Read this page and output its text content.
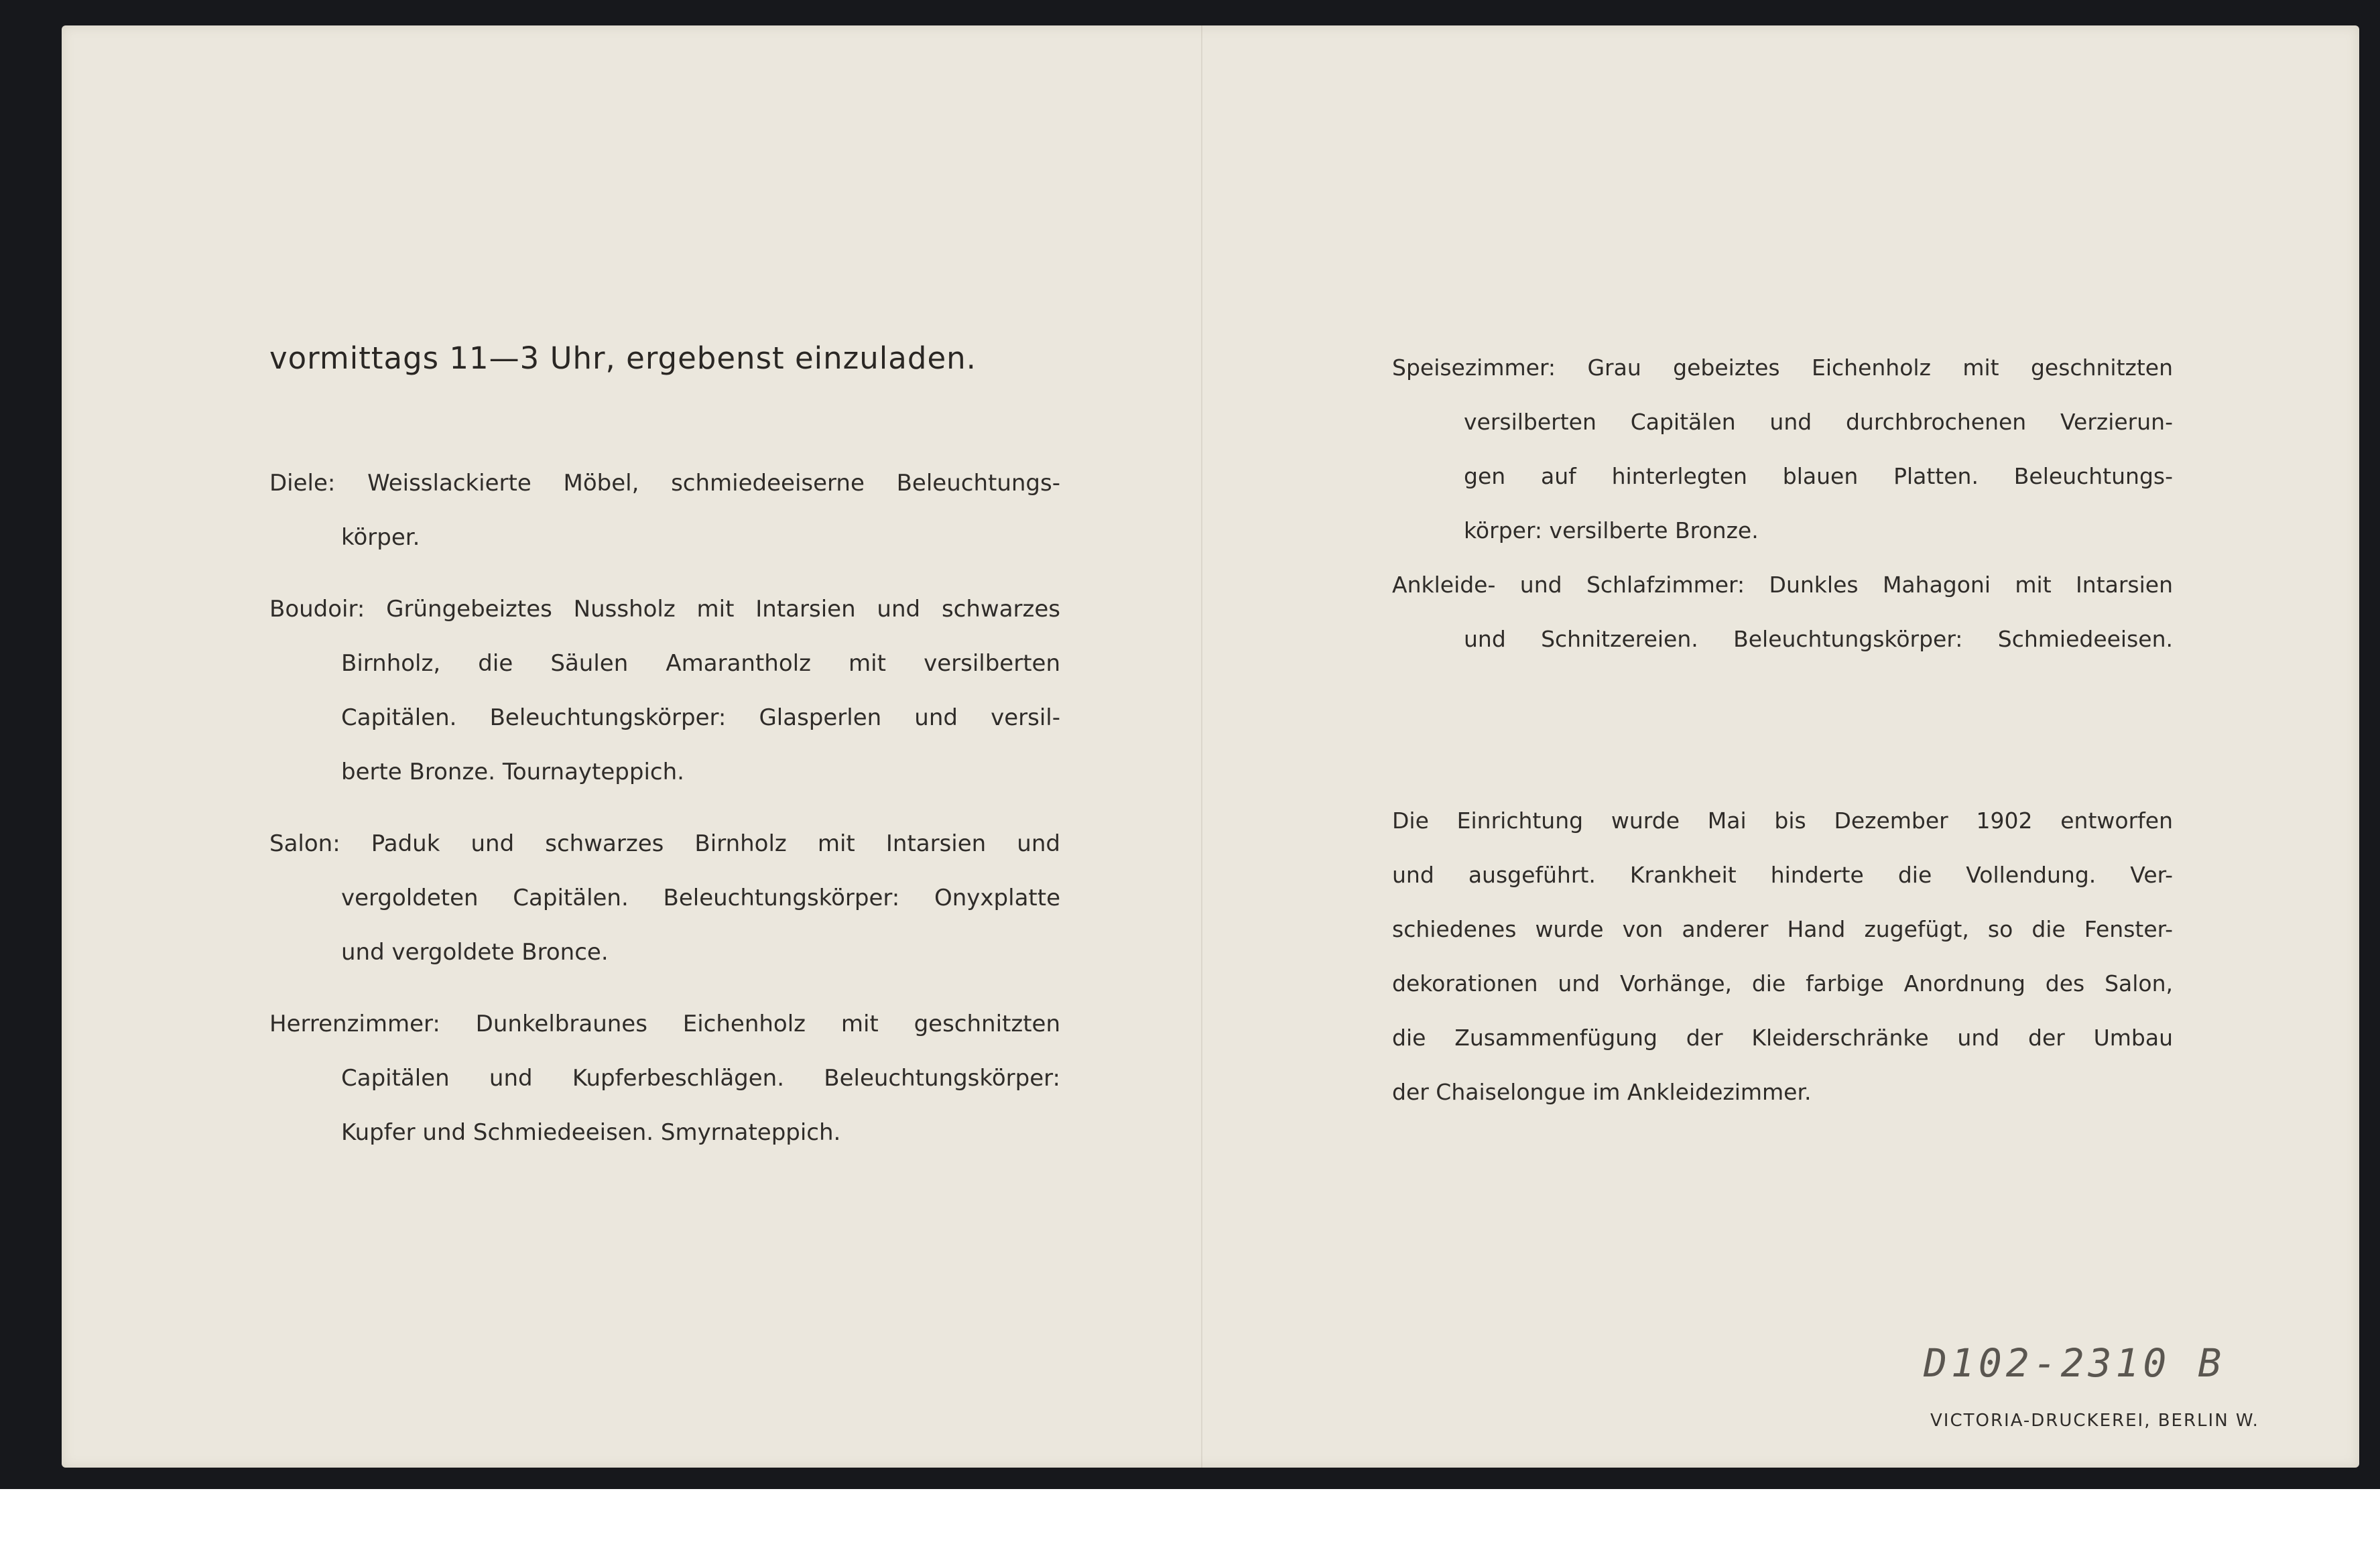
vormittags 11—3 Uhr, ergebenst einzuladen.

Diele: Weisslackierte Möbel, schmiedeeiserne Beleuchtungs-

körper.

Boudoir: Grüngebeiztes Nussholz mit Intarsien und schwarzes

Birnholz, die Säulen Amarantholz mit versilberten

Capitälen. Beleuchtungskörper: Glasperlen und versil-

berte Bronze. Tournayteppich.

Salon: Paduk und schwarzes Birnholz mit Intarsien und

vergoldeten Capitälen. Beleuchtungskörper: Onyxplatte

und vergoldete Bronce.

Herrenzimmer: Dunkelbraunes Eichenholz mit geschnitzten

Capitälen und Kupferbeschlägen. Beleuchtungskörper:

Kupfer und Schmiedeeisen. Smyrnateppich.

Speisezimmer: Grau gebeiztes Eichenholz mit geschnitzten

versilberten Capitälen und durchbrochenen Verzierun-

gen auf hinterlegten blauen Platten. Beleuchtungs-

körper: versilberte Bronze.

Ankleide- und Schlafzimmer: Dunkles Mahagoni mit Intarsien

und Schnitzereien. Beleuchtungskörper: Schmiedeeisen.

Die Einrichtung wurde Mai bis Dezember 1902 entworfen

und ausgeführt. Krankheit hinderte die Vollendung. Ver-

schiedenes wurde von anderer Hand zugefügt, so die Fenster-

dekorationen und Vorhänge, die farbige Anordnung des Salon,

die Zusammenfügung der Kleiderschränke und der Umbau

der Chaiselongue im Ankleidezimmer.

D102-2310 B
VICTORIA-DRUCKEREI, BERLIN W.
